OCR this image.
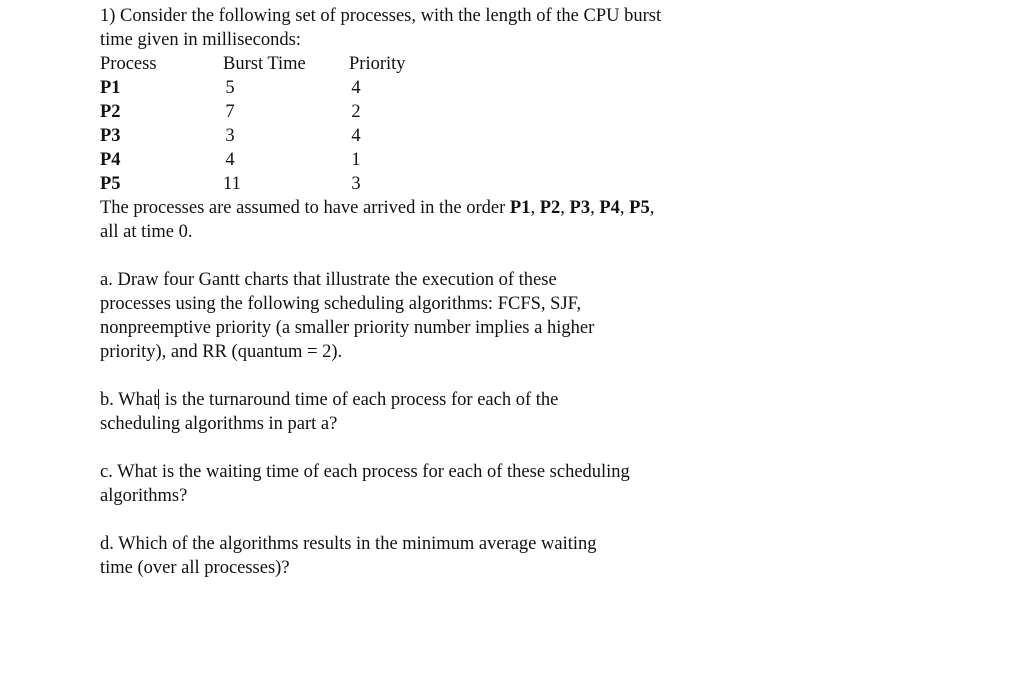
1) Consider the following set of processes, with the length of the CPU burst
time given in milliseconds:
Process	Burst Time	Priority
P1	5	4
P2	7	2
P3	3	4
P4	4	1
P5	11	3
The processes are assumed to have arrived in the order P1, P2, P3, P4, P5,
all at time 0.
a. Draw four Gantt charts that illustrate the execution of these
processes using the following scheduling algorithms: FCFS, SJF,
nonpreemptive priority (a smaller priority number implies a higher
priority), and RR (quantum = 2).
b. What is the turnaround time of each process for each of the
scheduling algorithms in part a?
c. What is the waiting time of each process for each of these scheduling
algorithms?
d. Which of the algorithms results in the minimum average waiting
time (over all processes)?
